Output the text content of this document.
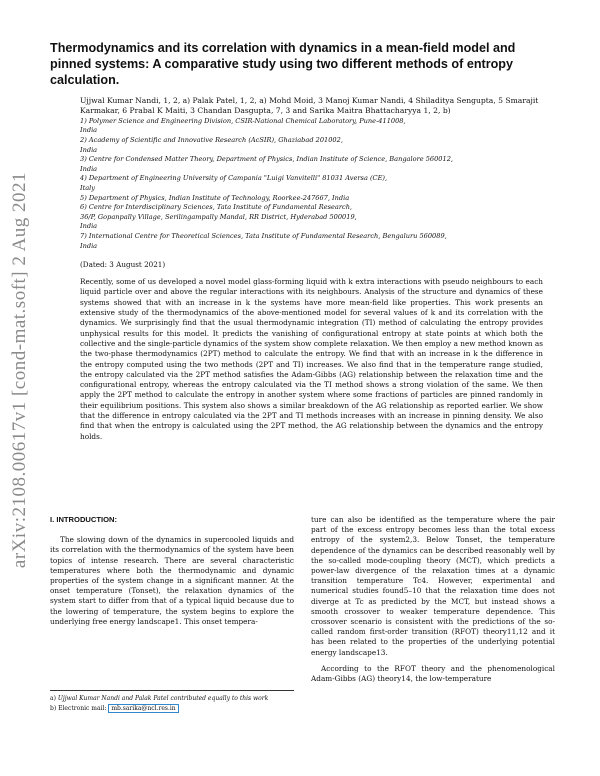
arXiv:2108.00617v1 [cond-mat.soft] 2 Aug 2021
Thermodynamics and its correlation with dynamics in a mean-field model and pinned systems: A comparative study using two different methods of entropy calculation.
Ujjwal Kumar Nandi, 1, 2, a) Palak Patel, 1, 2, a) Mohd Moid, 3 Manoj Kumar Nandi, 4 Shiladitya Sengupta, 5 Smarajit Karmakar, 6 Prabal K Maiti, 3 Chandan Dasgupta, 7, 3 and Sarika Maitra Bhattacharyya 1, 2, b)
1) Polymer Science and Engineering Division, CSIR-National Chemical Laboratory, Pune-411008,
India
2) Academy of Scientific and Innovative Research (AcSIR), Ghaziabad 201002,
India
3) Centre for Condensed Matter Theory, Department of Physics, Indian Institute of Science, Bangalore 560012,
India
4) Department of Engineering University of Campania "Luigi Vanvitelli" 81031 Aversa (CE),
Italy
5) Department of Physics, Indian Institute of Technology, Roorkee-247667, India
6) Centre for Interdisciplinary Sciences, Tata Institute of Fundamental Research,
36/P, Gopanpally Village, Serilingampally Mandal, RR District, Hyderabad 500019,
India
7) International Centre for Theoretical Sciences, Tata Institute of Fundamental Research, Bengaluru 560089,
India
(Dated: 3 August 2021)

Recently, some of us developed a novel model glass-forming liquid with k extra interactions with pseudo neighbours to each liquid particle over and above the regular interactions with its neighbours. Analysis of the structure and dynamics of these systems showed that with an increase in k the systems have more mean-field like properties. This work presents an extensive study of the thermodynamics of the above-mentioned model for several values of k and its correlation with the dynamics. We surprisingly find that the usual thermodynamic integration (TI) method of calculating the entropy provides unphysical results for this model. It predicts the vanishing of configurational entropy at state points at which both the collective and the single-particle dynamics of the system show complete relaxation. We then employ a new method known as the two-phase thermodynamics (2PT) method to calculate the entropy. We find that with an increase in k the difference in the entropy computed using the two methods (2PT and TI) increases. We also find that in the temperature range studied, the entropy calculated via the 2PT method satisfies the Adam-Gibbs (AG) relationship between the relaxation time and the configurational entropy, whereas the entropy calculated via the TI method shows a strong violation of the same. We then apply the 2PT method to calculate the entropy in another system where some fractions of particles are pinned randomly in their equilibrium positions. This system also shows a similar breakdown of the AG relationship as reported earlier. We show that the difference in entropy calculated via the 2PT and TI methods increases with an increase in pinning density. We also find that when the entropy is calculated using the 2PT method, the AG relationship between the dynamics and the entropy holds.

I. INTRODUCTION:

The slowing down of the dynamics in supercooled liquids and its correlation with the thermodynamics of the system have been topics of intense research. There are several characteristic temperatures where both the thermodynamic and dynamic properties of the system change in a significant manner. At the onset temperature (Tonset), the relaxation dynamics of the system start to differ from that of a typical liquid because due to the lowering of temperature, the system begins to explore the underlying free energy landscape1. This onset tempera-

ture can also be identified as the temperature where the pair part of the excess entropy becomes less than the total excess entropy of the system2,3. Below Tonset, the temperature dependence of the dynamics can be described reasonably well by the so-called mode-coupling theory (MCT), which predicts a power-law divergence of the relaxation times at a dynamic transition temperature Tc4. However, experimental and numerical studies found5–10 that the relaxation time does not diverge at Tc as predicted by the MCT, but instead shows a smooth crossover to weaker temperature dependence. This crossover scenario is consistent with the predictions of the so-called random first-order transition (RFOT) theory11,12 and it has been related to the properties of the underlying potential energy landscape13.

According to the RFOT theory and the phenomenological Adam-Gibbs (AG) theory14, the low-temperature

a) Ujjwal Kumar Nandi and Palak Patel contributed equally to this work
b) Electronic mail: mb.sarika@ncl.res.in
